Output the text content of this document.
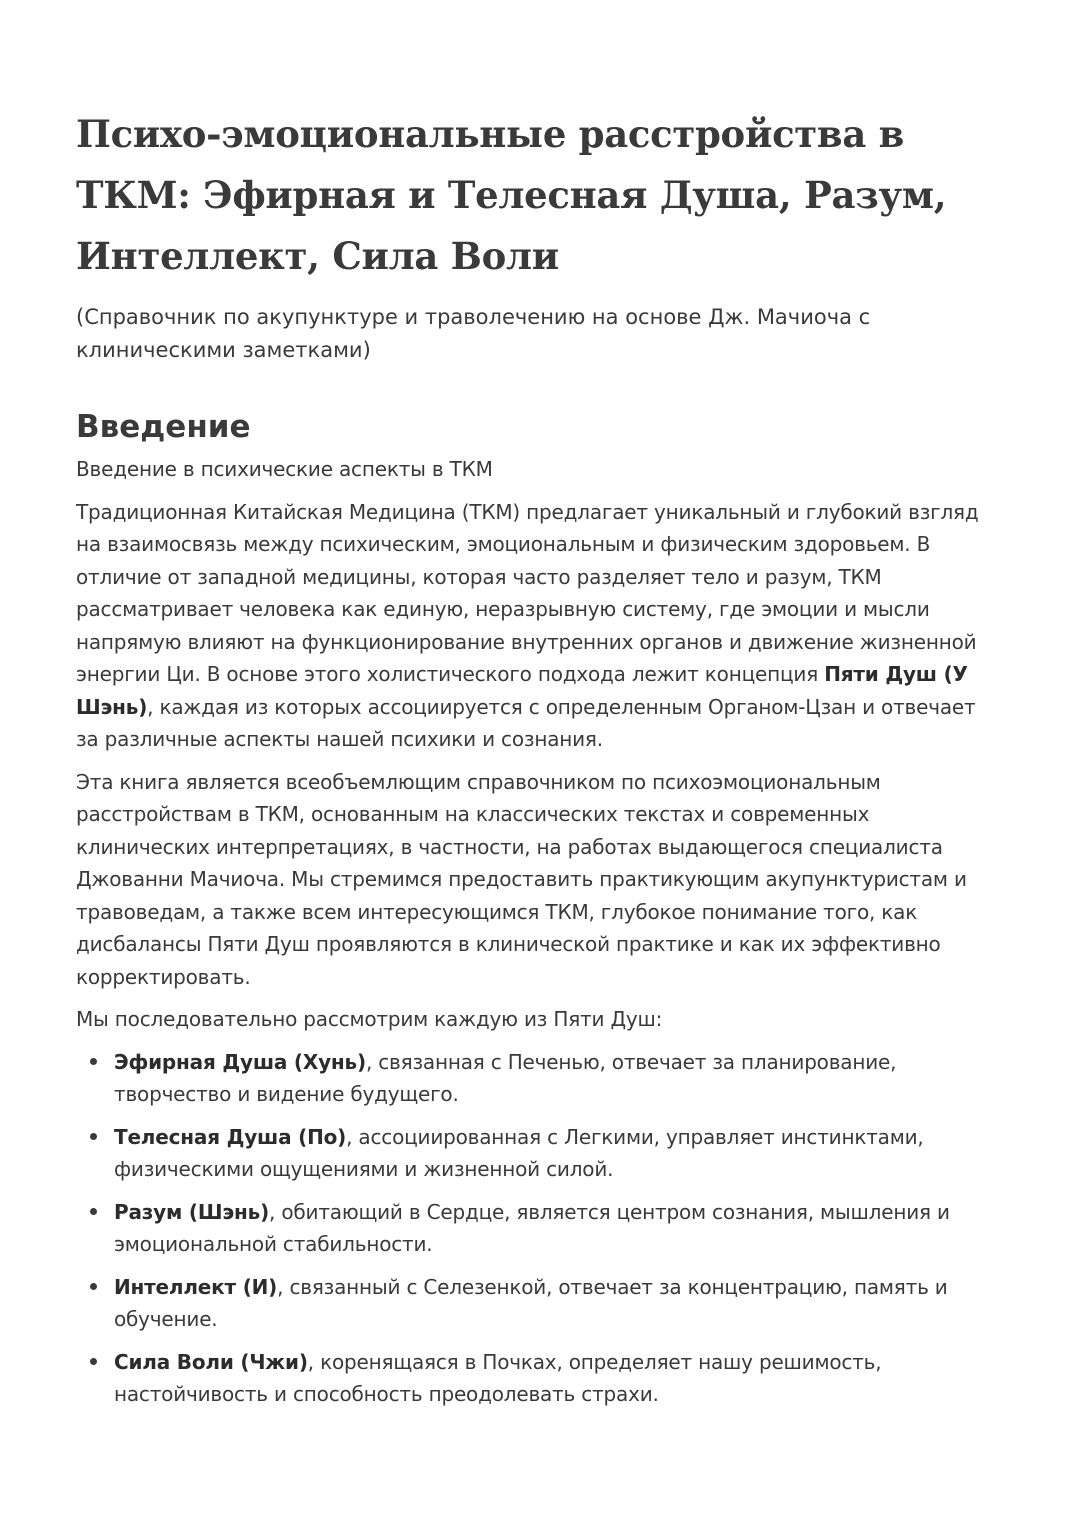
Психо-эмоциональные расстройства в ТКМ: Эфирная и Телесная Душа, Разум, Интеллект, Сила Воли
(Справочник по акупунктуре и траволечению на основе Дж. Мачиоча с клиническими заметками)
Введение

Введение в психические аспекты в ТКМ

Традиционная Китайская Медицина (ТКМ) предлагает уникальный и глубокий взгляд на взаимосвязь между психическим, эмоциональным и физическим здоровьем. В отличие от западной медицины, которая часто разделяет тело и разум, ТКМ рассматривает человека как единую, неразрывную систему, где эмоции и мысли напрямую влияют на функционирование внутренних органов и движение жизненной энергии Ци. В основе этого холистического подхода лежит концепция Пяти Душ (У Шэнь), каждая из которых ассоциируется с определенным Органом-Цзан и отвечает за различные аспекты нашей психики и сознания.

Эта книга является всеобъемлющим справочником по психоэмоциональным расстройствам в ТКМ, основанным на классических текстах и современных клинических интерпретациях, в частности, на работах выдающегося специалиста Джованни Мачиоча. Мы стремимся предоставить практикующим акупунктуристам и травоведам, а также всем интересующимся ТКМ, глубокое понимание того, как дисбалансы Пяти Душ проявляются в клинической практике и как их эффективно корректировать.

Мы последовательно рассмотрим каждую из Пяти Душ:

Эфирная Душа (Хунь), связанная с Печенью, отвечает за планирование, творчество и видение будущего.
Телесная Душа (По), ассоциированная с Легкими, управляет инстинктами, физическими ощущениями и жизненной силой.
Разум (Шэнь), обитающий в Сердце, является центром сознания, мышления и эмоциональной стабильности.
Интеллект (И), связанный с Селезенкой, отвечает за концентрацию, память и обучение.
Сила Воли (Чжи), коренящаяся в Почках, определяет нашу решимость, настойчивость и способность преодолевать страхи.
